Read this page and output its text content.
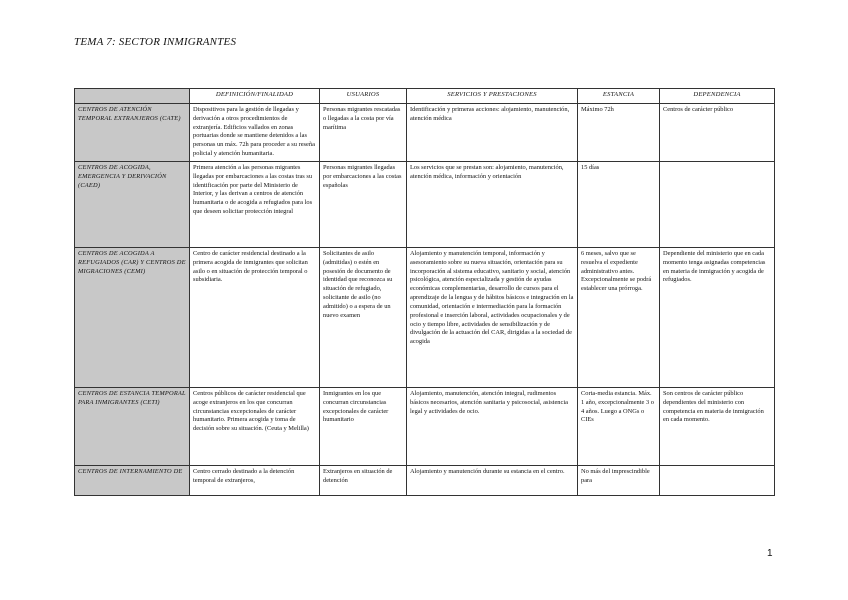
TEMA 7: SECTOR INMIGRANTES
	DEFINICIÓN/FINALIDAD	USUARIOS	SERVICIOS Y PRESTACIONES	ESTANCIA	DEPENDENCIA
CENTROS DE ATENCIÓN TEMPORAL EXTRANJEROS (CATE)	Dispositivos para la gestión de llegadas y derivación a otros procedimientos de extranjería. Edificios vallados en zonas portuarias donde se mantiene detenidos a las personas un máx. 72h para proceder a su reseña policial y atención humanitaria.	Personas migrantes rescatadas o llegadas a la costa por vía marítima	Identificación y primeras acciones: alojamiento, manutención, atención médica	Máximo 72h	Centros de carácter público
CENTROS DE ACOGIDA, EMERGENCIA Y DERIVACIÓN (CAED)	Primera atención a las personas migrantes llegadas por embarcaciones a las costas tras su identificación por parte del Ministerio de Interior, y las derivan a centros de atención humanitaria o de acogida a refugiados para los que deseen solicitar protección integral	Personas migrantes llegadas por embarcaciones a las costas españolas	Los servicios que se prestan son: alojamiento, manutención, atención médica, información y orientación	15 días	
CENTROS DE ACOGIDA A REFUGIADOS (CAR) Y CENTROS DE MIGRACIONES (CEMI)	Centro de carácter residencial destinado a la primera acogida de inmigrantes que solicitan asilo o en situación de protección temporal o subsidiaria.	Solicitantes de asilo (admitidas) o estén en posesión de documento de identidad que reconozca su situación de refugiado, solicitante de asilo (no admitido) o a espera de un nuevo examen	Alojamiento y manutención temporal, información y asesoramiento sobre su nueva situación, orientación para su incorporación al sistema educativo, sanitario y social, atención psicológica, atención especializada y gestión de ayudas económicas complementarias, desarrollo de cursos para el aprendizaje de la lengua y de hábitos básicos e integración en la comunidad, orientación e intermediación para la formación profesional e inserción laboral, actividades ocupacionales y de ocio y tiempo libre, actividades de sensibilización y de divulgación de la actuación del CAR, dirigidas a la sociedad de acogida	6 meses, salvo que se resuelva el expediente administrativo antes. Excepcionalmente se podrá establecer una prórroga.	Dependiente del ministerio que en cada momento tenga asignadas competencias en materia de inmigración y acogida de refugiados.
CENTROS DE ESTANCIA TEMPORAL PARA INMIGRANTES (CETI)	Centros públicos de carácter residencial que acoge extranjeros en los que concurran circunstancias excepcionales de carácter humanitario. Primera acogida y toma de decisión sobre su situación. (Ceuta y Melilla)	Inmigrantes en los que concurran circunstancias excepcionales de carácter humanitario	Alojamiento, manutención, atención integral, rudimentos básicos necesarios, atención sanitaria y psicosocial, asistencia legal y actividades de ocio.	Corta-media estancia. Máx. 1 año, excepcionalmente 3 o 4 años. Luego a ONGs o CIEs	Son centros de carácter público dependientes del ministerio con competencia en materia de inmigración en cada momento.
CENTROS DE INTERNAMIENTO DE	Centro cerrado destinado a la detención temporal de extranjeros,	Extranjeros en situación de detención	Alojamiento y manutención durante su estancia en el centro.	No más del imprescindible para	
1
